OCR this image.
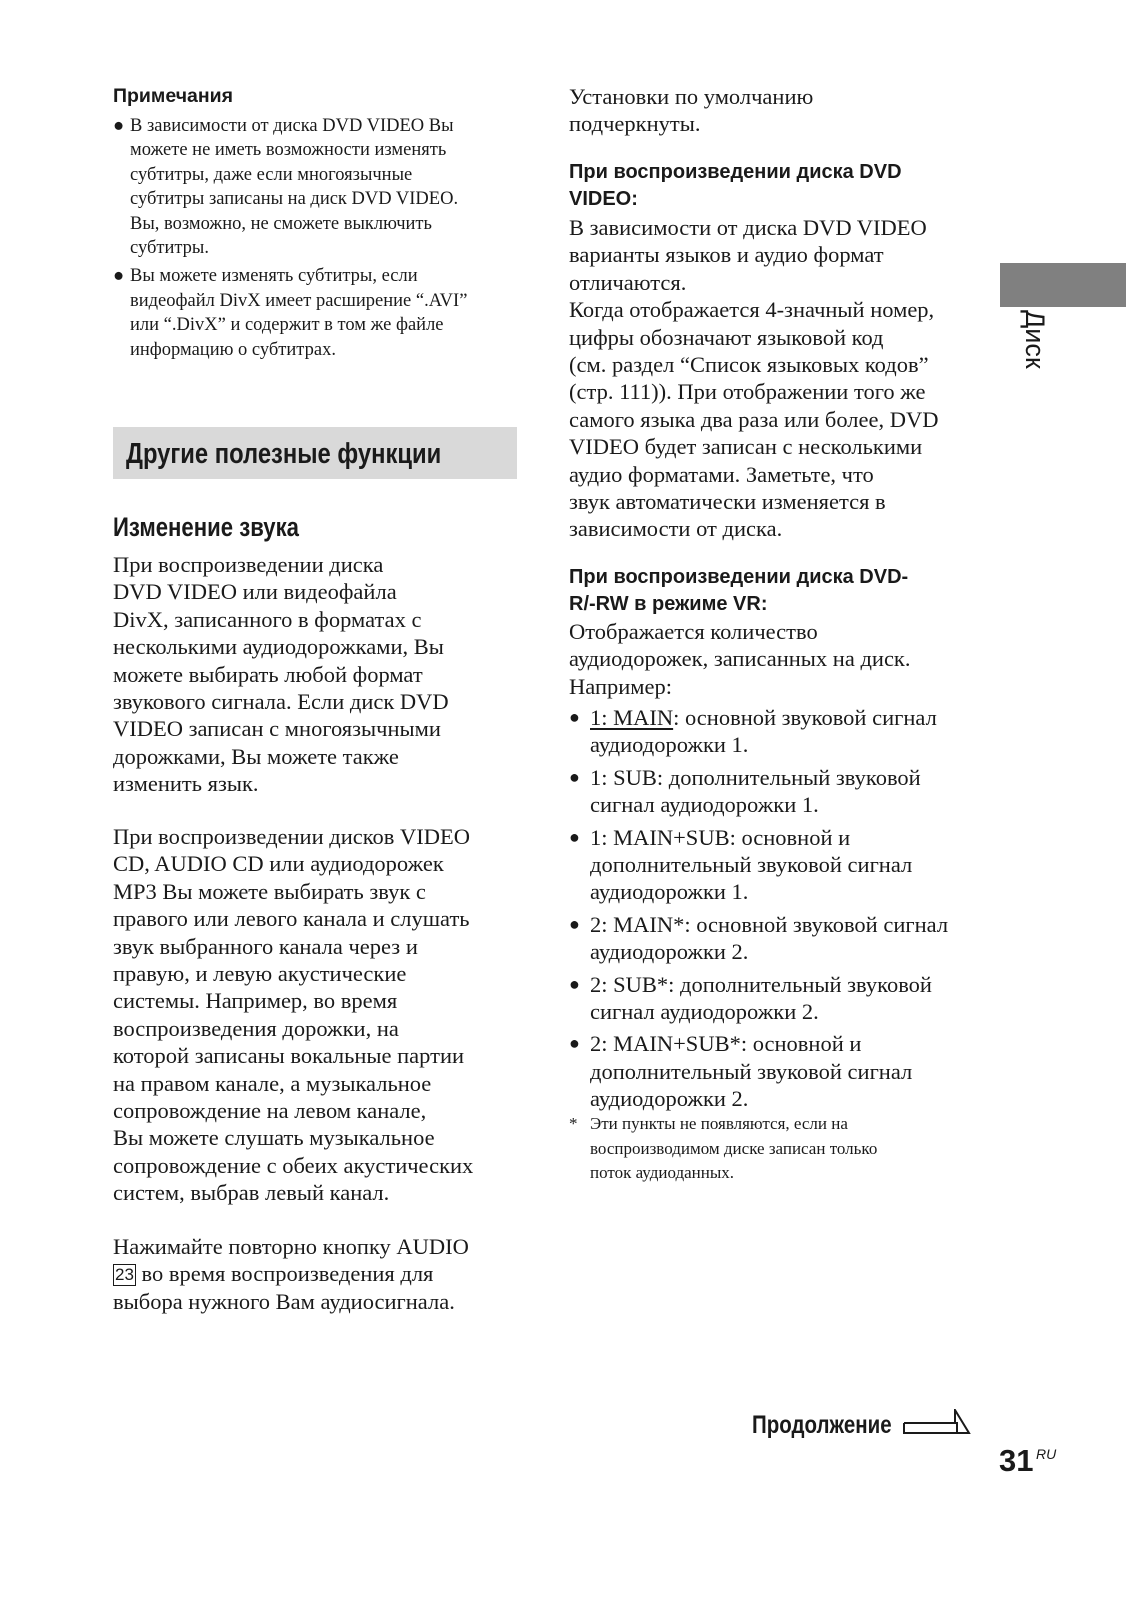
Примечания
● В зависимости от диска DVD VIDEO Вы
можете не иметь возможности изменять
субтитры, даже если многоязычные
субтитры записаны на диск DVD VIDEO.
Вы, возможно, не сможете выключить
субтитры.
● Вы можете изменять субтитры, если
видеофайл DivX имеет расширение “.AVI”
или “.DivX” и содержит в том же файле
информацию о субтитрах.
Другие полезные функции
Изменение звука
При воспроизведении диска
DVD VIDEO или видеофайла
DivX, записанного в форматах с
несколькими аудиодорожками, Вы
можете выбирать любой формат
звукового сигнала. Если диск DVD
VIDEO записан с многоязычными
дорожками, Вы можете также
изменить язык.
При воспроизведении дисков VIDEO
CD, AUDIO CD или аудиодорожек
MP3 Вы можете выбирать звук с
правого или левого канала и слушать
звук выбранного канала через и
правую, и левую акустические
системы. Например, во время
воспроизведения дорожки, на
которой записаны вокальные партии
на правом канале, а музыкальное
сопровождение на левом канале,
Вы можете слушать музыкальное
сопровождение с обеих акустических
систем, выбрав левый канал.
Нажимайте повторно кнопку AUDIO
23 во время воспроизведения для
выбора нужного Вам аудиосигнала.
Установки по умолчанию
подчеркнуты.
При воспроизведении диска DVD
VIDEO:
В зависимости от диска DVD VIDEO
варианты языков и аудио формат
отличаются.
Когда отображается 4-значный номер,
цифры обозначают языковой код
(см. раздел “Список языковых кодов”
(стр. 111)). При отображении того же
самого языка два раза или более, DVD
VIDEO будет записан с несколькими
аудио форматами. Заметьте, что
звук автоматически изменяется в
зависимости от диска.
При воспроизведении диска DVD-
R/-RW в режиме VR:
Отображается количество
аудиодорожек, записанных на диск.
Например:
● 1: MAIN: основной звуковой сигнал
аудиодорожки 1.
● 1: SUB: дополнительный звуковой
сигнал аудиодорожки 1.
● 1: MAIN+SUB: основной и
дополнительный звуковой сигнал
аудиодорожки 1.
● 2: MAIN*: основной звуковой сигнал
аудиодорожки 2.
● 2: SUB*: дополнительный звуковой
сигнал аудиодорожки 2.
● 2: MAIN+SUB*: основной и
дополнительный звуковой сигнал
аудиодорожки 2.
* Эти пункты не появляются, если на
воспроизводимом диске записан только
поток аудиоданных.
Диск
Продолжение
31 RU
